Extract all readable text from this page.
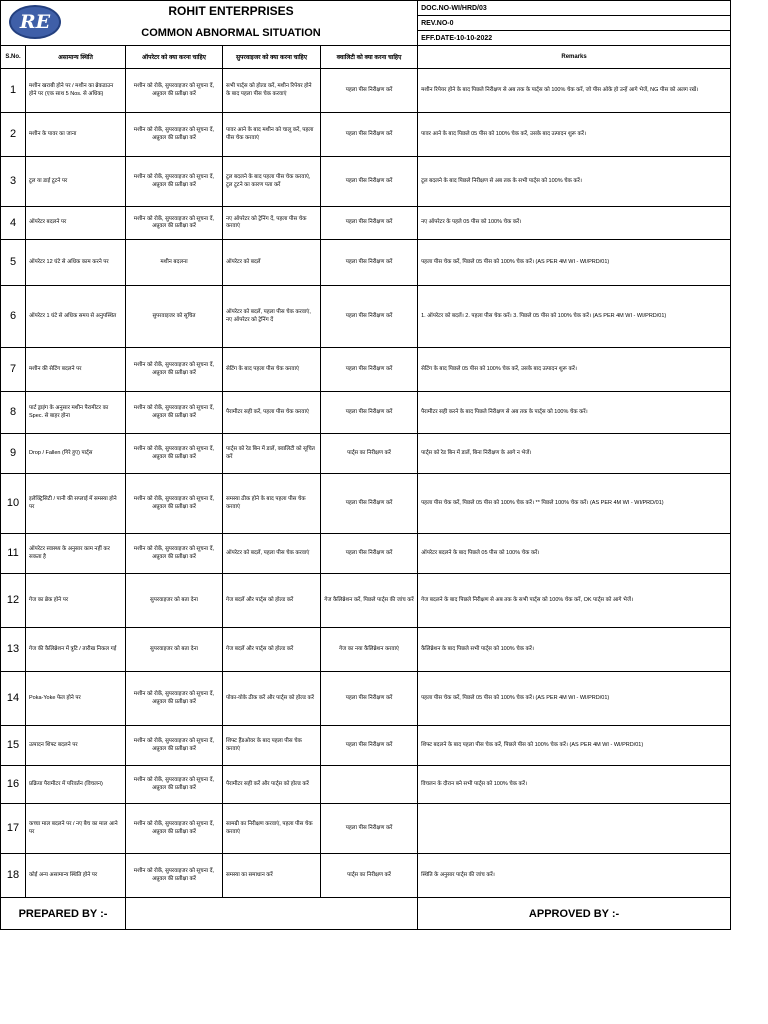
RE ROHIT ENTERPRISES
COMMON ABNORMAL SITUATION					DOC.NO-WI/HRD/03
					REV.NO-0
					EFF.DATE-10-10-2022
S.No.	असामान्य स्थिति	ऑपरेटर को क्या करना चाहिए	सुपरवाइजर को क्या करना चाहिए	क्वालिटी को क्या करना चाहिए	Remarks
1	मशीन खराबी होने पर / मशीन का ब्रेकडाउन होने पर (एक साथ 5 Nos. से अधिक)	मशीन को रोकें, सुपरवाइजर को सूचना दें, अप्रूवल की प्रतीक्षा करें	सभी पार्ट्स को होल्ड करें, मशीन रिपेयर होने के बाद पहला पीस चेक करवाएं	पहला पीस निरीक्षण करें	मशीन रिपेयर होने के बाद पिछले निरीक्षण से अब तक के पार्ट्स को 100% चेक करें, जो पीस ओके हो उन्हें आगे भेजें, NG पीस को अलग रखें।
2	मशीन के पावर का जाना	मशीन को रोकें, सुपरवाइजर को सूचना दें, अप्रूवल की प्रतीक्षा करें	पावर आने के बाद मशीन को चालू करें, पहला पीस चेक करवाएं	पहला पीस निरीक्षण करें	पावर आने के बाद पिछले 05 पीस को 100% चेक करें, उसके बाद उत्पादन शुरू करें।
3	टूल या डाई टूटने पर	मशीन को रोकें, सुपरवाइजर को सूचना दें, अप्रूवल की प्रतीक्षा करें	टूल बदलने के बाद पहला पीस चेक करवाएं, टूल टूटने का कारण पता करें	पहला पीस निरीक्षण करें	टूल बदलने के बाद पिछले निरीक्षण से अब तक के सभी पार्ट्स को 100% चेक करें।
4	ऑपरेटर बदलने पर	मशीन को रोकें, सुपरवाइजर को सूचना दें, अप्रूवल की प्रतीक्षा करें	नए ऑपरेटर को ट्रेनिंग दें, पहला पीस चेक करवाएं	पहला पीस निरीक्षण करें	नए ऑपरेटर के पहले 05 पीस को 100% चेक करें।
5	ऑपरेटर 12 घंटे से अधिक काम करने पर	मशीन बदलना	ऑपरेटर को बदलें	पहला पीस निरीक्षण करें	पहला पीस चेक करें, पिछले 05 पीस को 100% चेक करें। (AS PER 4M WI - WI/PRD/01)
6	ऑपरेटर 1 घंटे से अधिक समय से अनुपस्थित	सुपरवाइजर को सूचित	ऑपरेटर को बदलें, पहला पीस चेक करवाएं, नए ऑपरेटर को ट्रेनिंग दें	पहला पीस निरीक्षण करें	1. ऑपरेटर को बदलें। 2. पहला पीस चेक करें। 3. पिछले 05 पीस को 100% चेक करें। (AS PER 4M WI - WI/PRD/01)
7	मशीन की सेटिंग बदलने पर	मशीन को रोकें, सुपरवाइजर को सूचना दें, अप्रूवल की प्रतीक्षा करें	सेटिंग के बाद पहला पीस चेक करवाएं	पहला पीस निरीक्षण करें	सेटिंग के बाद पिछले 05 पीस को 100% चेक करें, उसके बाद उत्पादन शुरू करें।
8	पार्ट ड्राइंग के अनुसार मशीन पैरामीटर का Spec. से बाहर होना	मशीन को रोकें, सुपरवाइजर को सूचना दें, अप्रूवल की प्रतीक्षा करें	पैरामीटर सही करें, पहला पीस चेक करवाएं	पहला पीस निरीक्षण करें	पैरामीटर सही करने के बाद पिछले निरीक्षण से अब तक के पार्ट्स को 100% चेक करें।
9	Drop / Fallen (गिरे हुए) पार्ट्स	मशीन को रोकें, सुपरवाइजर को सूचना दें, अप्रूवल की प्रतीक्षा करें	पार्ट्स को रेड बिन में डालें, क्वालिटी को सूचित करें	पार्ट्स का निरीक्षण करें	पार्ट्स को रेड बिन में डालें, बिना निरीक्षण के आगे न भेजें।
10	इलेक्ट्रिसिटी / पानी की सप्लाई में समस्या होने पर	मशीन को रोकें, सुपरवाइजर को सूचना दें, अप्रूवल की प्रतीक्षा करें	समस्या ठीक होने के बाद पहला पीस चेक करवाएं	पहला पीस निरीक्षण करें	पहला पीस चेक करें, पिछले 05 पीस को 100% चेक करें। ** पिछले 100% चेक करें। (AS PER 4M WI - WI/PRD/01)
11	ऑपरेटर स्वास्थ्य के अनुसार काम नहीं कर सकता है	मशीन को रोकें, सुपरवाइजर को सूचना दें, अप्रूवल की प्रतीक्षा करें	ऑपरेटर को बदलें, पहला पीस चेक करवाएं	पहला पीस निरीक्षण करें	ऑपरेटर बदलने के बाद पिछले 05 पीस को 100% चेक करें।
12	गेज का ब्रेक होने पर	सुपरवाइजर को बता देना	गेज बदलें और पार्ट्स को होल्ड करें	गेज कैलिब्रेशन करें, पिछले पार्ट्स की जांच करें	गेज बदलने के बाद पिछले निरीक्षण से अब तक के सभी पार्ट्स को 100% चेक करें, OK पार्ट्स को आगे भेजें।
13	गेज की कैलिब्रेशन में त्रुटि / तारीख निकल गई	सुपरवाइजर को बता देना	गेज बदलें और पार्ट्स को होल्ड करें	गेज का नया कैलिब्रेशन करवाएं	कैलिब्रेशन के बाद पिछले सभी पार्ट्स को 100% चेक करें।
14	Poka-Yoke फेल होने पर	मशीन को रोकें, सुपरवाइजर को सूचना दें, अप्रूवल की प्रतीक्षा करें	पोका-योके ठीक करें और पार्ट्स को होल्ड करें	पहला पीस निरीक्षण करें	पहला पीस चेक करें, पिछले 05 पीस को 100% चेक करें। (AS PER 4M WI - WI/PRD/01)
15	उत्पादन शिफ्ट बदलने पर	मशीन को रोकें, सुपरवाइजर को सूचना दें, अप्रूवल की प्रतीक्षा करें	शिफ्ट हैंडओवर के बाद पहला पीस चेक करवाएं	पहला पीस निरीक्षण करें	शिफ्ट बदलने के बाद पहला पीस चेक करें, पिछले पीस को 100% चेक करें। (AS PER 4M WI - WI/PRD/01)
16	प्रक्रिया पैरामीटर में परिवर्तन (विचलन)	मशीन को रोकें, सुपरवाइजर को सूचना दें, अप्रूवल की प्रतीक्षा करें	पैरामीटर सही करें और पार्ट्स को होल्ड करें		विचलन के दौरान बने सभी पार्ट्स को 100% चेक करें।
17	कच्चा माल बदलने पर / नए बैच का माल आने पर	मशीन को रोकें, सुपरवाइजर को सूचना दें, अप्रूवल की प्रतीक्षा करें	सामग्री का निरीक्षण करवाएं, पहला पीस चेक करवाएं	पहला पीस निरीक्षण करें	
18	कोई अन्य असामान्य स्थिति होने पर	मशीन को रोकें, सुपरवाइजर को सूचना दें, अप्रूवल की प्रतीक्षा करें	समस्या का समाधान करें	पार्ट्स का निरीक्षण करें	स्थिति के अनुसार पार्ट्स की जांच करें।
PREPARED BY :-					APPROVED BY :-
